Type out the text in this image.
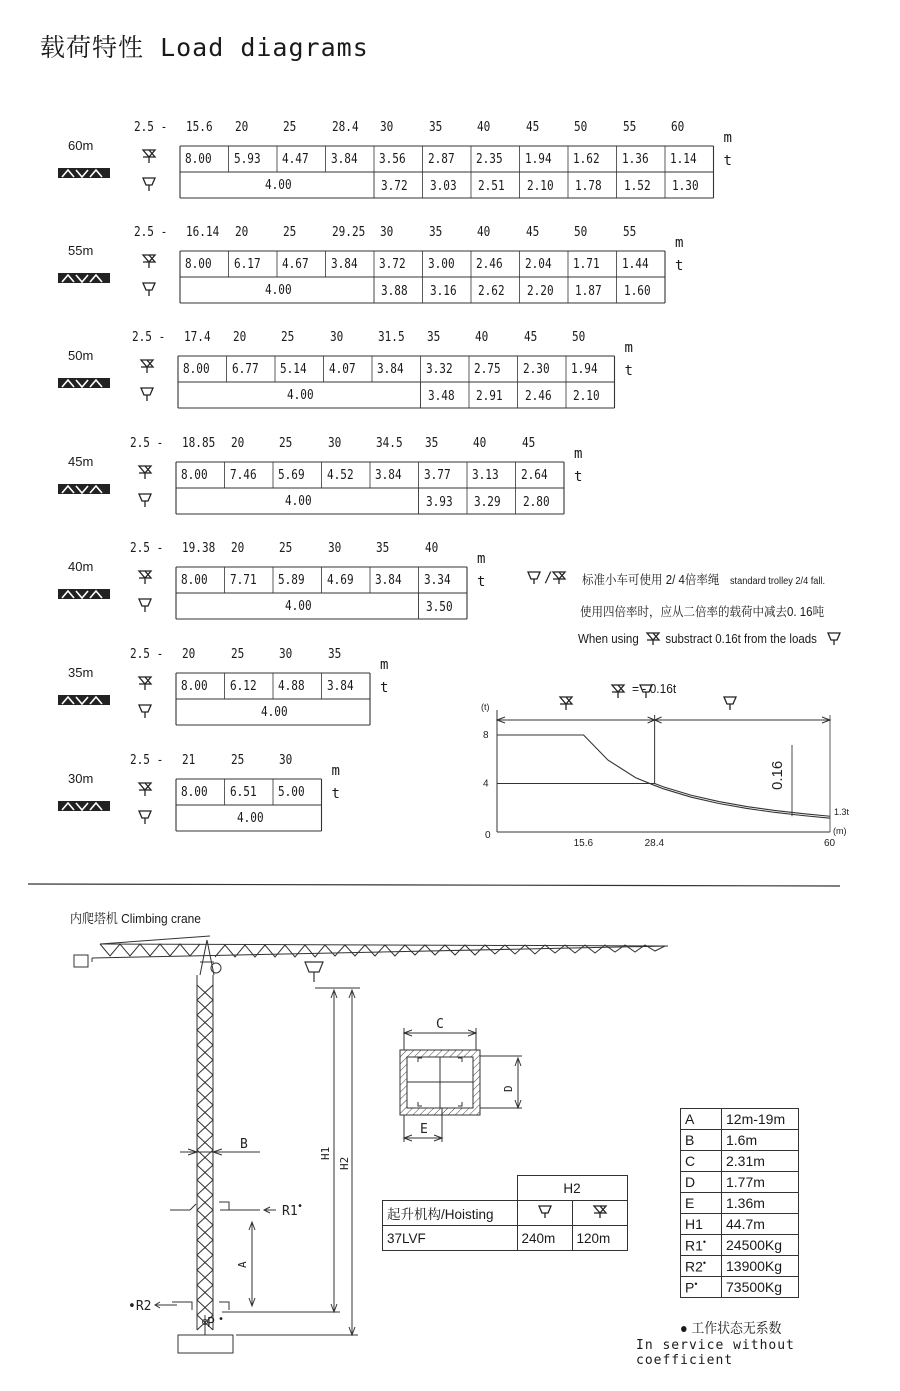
载荷特性 Load diagrams
60m
2.5 - 15.6 20	25	28.4 30	35	40	45	50	55	60
m
t
8.00 5.93 4.47 3.84 3.56 2.87 2.35 1.94 1.62 1.36 1.14
4.00	3.72 3.03 2.51 2.10 1.78 1.52 1.30
55m
2.5 - 16.14 20	25	29.25 30	35	40	45	50	55
m
t
8.00 6.17 4.67 3.84 3.72 3.00 2.46 2.04 1.71 1.44
4.00	3.88 3.16 2.62 2.20 1.87 1.60
50m
2.5 - 17.4 20	25	30	31.5 35	40	45	50
m
t
8.00 6.77 5.14 4.07 3.84 3.32 2.75 2.30 1.94
4.00	3.48 2.91 2.46 2.10
45m
2.5 - 18.85 20	25	30	34.5 35	40	45
m
t
8.00 7.46 5.69 4.52 3.84 3.77 3.13 2.64
4.00	3.93 3.29 2.80
40m
2.5 - 19.38 20	25	30	35	40
m
t
8.00 7.71 5.89 4.69 3.84 3.34
4.00	3.50
35m
2.5 - 20	25	30	35
m
t
8.00 6.12 4.88 3.84
4.00
30m
2.5 - 21	25	30
m
t
8.00 6.51 5.00
4.00
/ 标准小车可使用 2/ 4倍率绳 standard trolley 2/4 fall.
使用四倍率时，应从二倍率的载荷中减去0. 16吨
When using substract 0.16t from the loads
8
4
0
(t)
15.6	28.4	60
(m)
1.3t
0.16
= - 0.16t
内爬塔机 Climbing crane
B
A
H1
H2
R1 •
•R2
P •
C
D
E
	H2	
起升机构/Hoisting		
37LVF	240m	120m
A	12m-19m
B	1.6m
C	2.31m
D	1.77m
E	1.36m
H1	44.7m
R1•	24500Kg
R2•	13900Kg
P•	73500Kg
● 工作状态无系数
In service without coefficient
